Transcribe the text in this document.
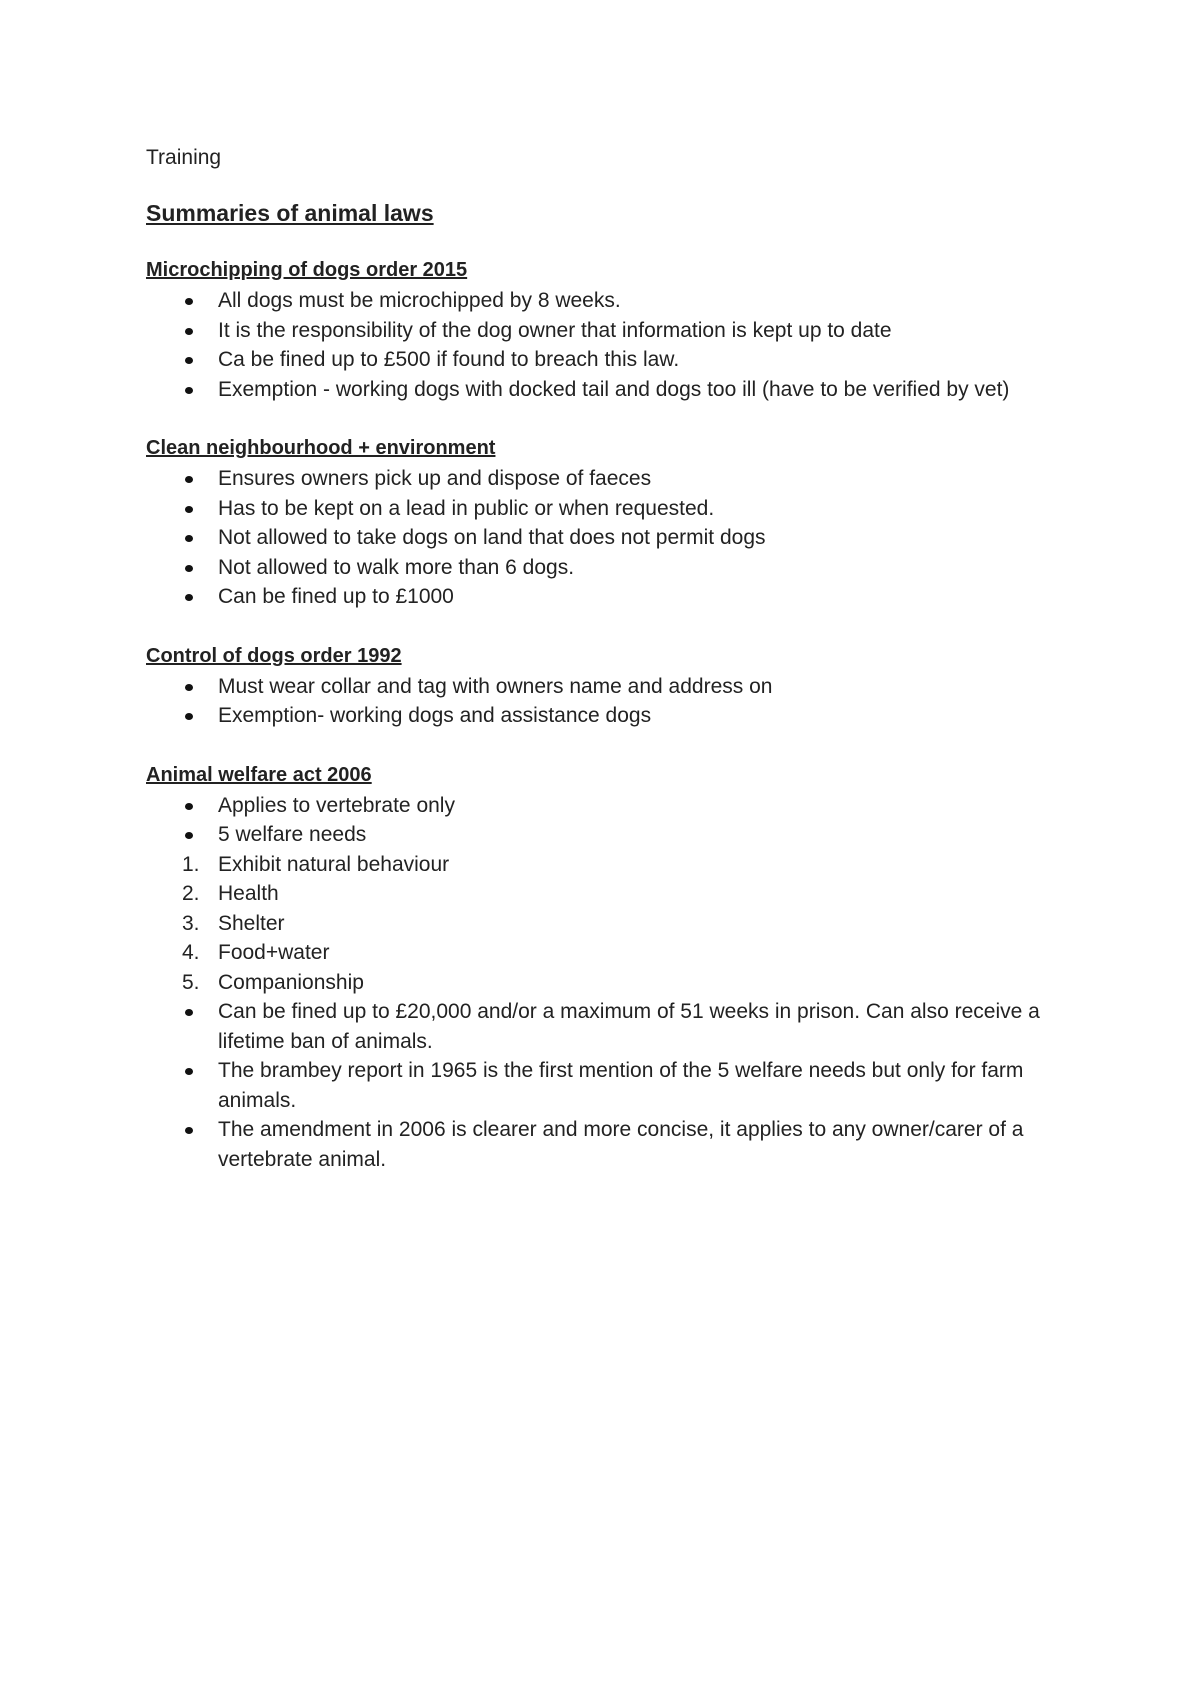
Training
Summaries of animal laws
Microchipping of dogs order 2015
All dogs must be microchipped by 8 weeks.
It is the responsibility of the dog owner that information is kept up to date
Ca be fined up to £500 if found to breach this law.
Exemption - working dogs with docked tail and dogs too ill (have to be verified by vet)
Clean neighbourhood + environment
Ensures owners pick up and dispose of faeces
Has to be kept on a lead in public or when requested.
Not allowed to take dogs on land that does not permit dogs
Not allowed to walk more than 6 dogs.
Can be fined up to £1000
Control of dogs order 1992
Must wear collar and tag with owners name and address on
Exemption- working dogs and assistance dogs
Animal welfare act 2006
Applies to vertebrate only
5 welfare needs
1. Exhibit natural behaviour
2. Health
3. Shelter
4. Food+water
5. Companionship
Can be fined up to £20,000 and/or a maximum of 51 weeks in prison. Can also receive a lifetime ban of animals.
The brambey report in 1965 is the first mention of the 5 welfare needs but only for farm animals.
The amendment in 2006 is clearer and more concise, it applies to any owner/carer of a vertebrate animal.
